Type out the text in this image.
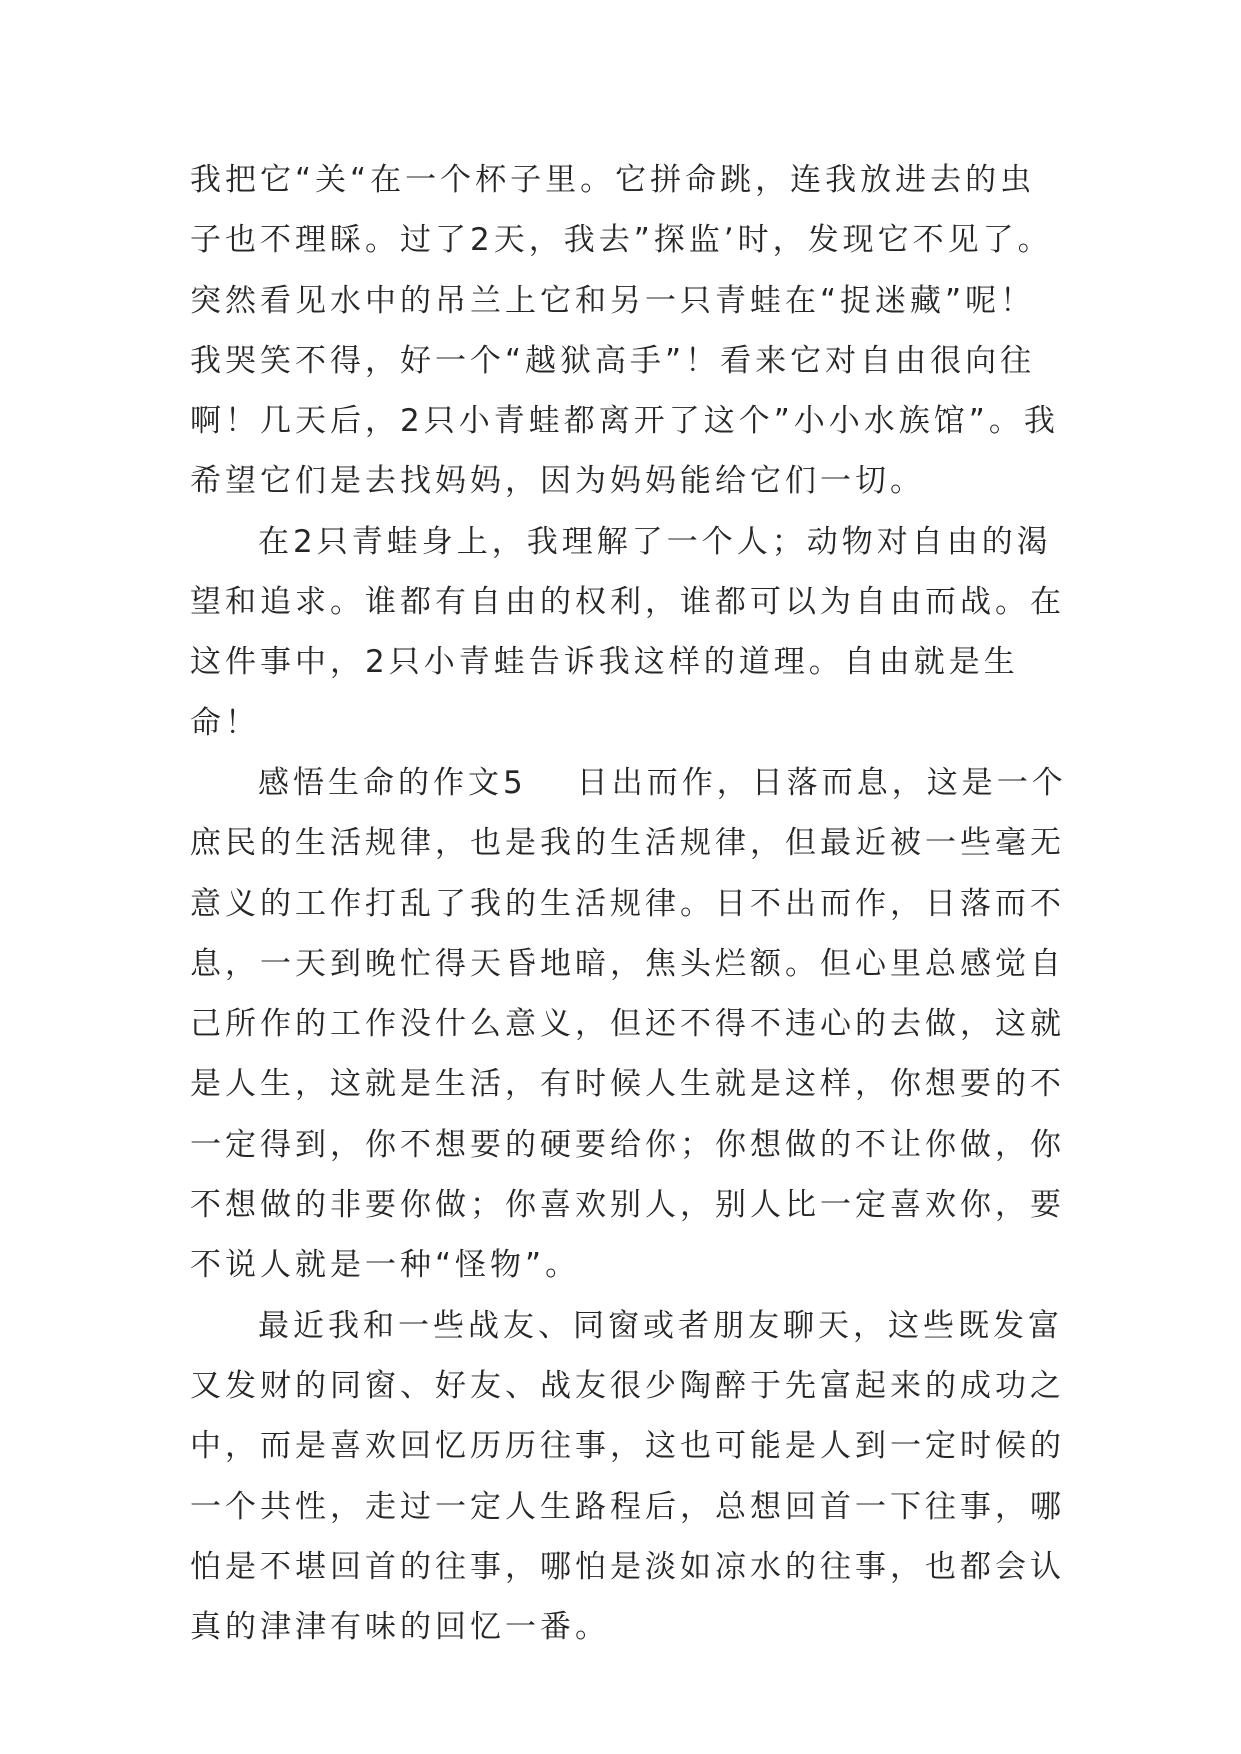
我把它“关“在一个杯子里。它拼命跳，连我放进去的虫子也不理睬。过了2天，我去”探监’时，发现它不见了。突然看见水中的吊兰上它和另一只青蛙在“捉迷藏”呢！我哭笑不得，好一个“越狱高手”！看来它对自由很向往啊！几天后，2只小青蛙都离开了这个”小小水族馆”。我希望它们是去找妈妈，因为妈妈能给它们一切。

在2只青蛙身上，我理解了一个人；动物对自由的渴望和追求。谁都有自由的权利，谁都可以为自由而战。在这件事中，2只小青蛙告诉我这样的道理。自由就是生命！

感悟生命的作文5 日出而作，日落而息，这是一个庶民的生活规律，也是我的生活规律，但最近被一些毫无意义的工作打乱了我的生活规律。日不出而作，日落而不息，一天到晚忙得天昏地暗，焦头烂额。但心里总感觉自己所作的工作没什么意义，但还不得不违心的去做，这就是人生，这就是生活，有时候人生就是这样，你想要的不一定得到，你不想要的硬要给你；你想做的不让你做，你不想做的非要你做；你喜欢别人，别人比一定喜欢你，要不说人就是一种“怪物”。

最近我和一些战友、同窗或者朋友聊天，这些既发富又发财的同窗、好友、战友很少陶醉于先富起来的成功之中，而是喜欢回忆历历往事，这也可能是人到一定时候的一个共性，走过一定人生路程后，总想回首一下往事，哪怕是不堪回首的往事，哪怕是淡如凉水的往事，也都会认真的津津有味的回忆一番。
